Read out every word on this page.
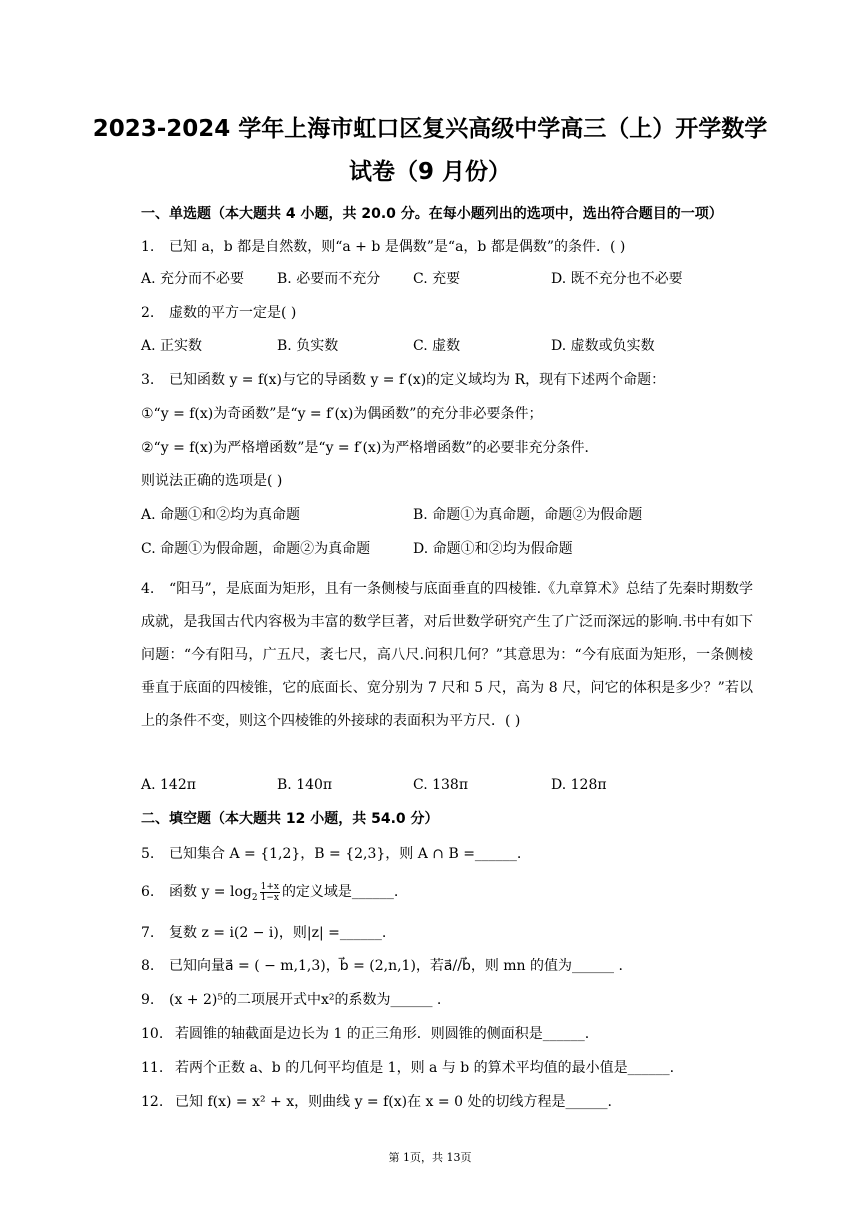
2023-2024 学年上海市虹口区复兴高级中学高三（上）开学数学
试卷（9 月份）
一、单选题（本大题共 4 小题，共 20.0 分。在每小题列出的选项中，选出符合题目的一项）
1. 已知 a，b 都是自然数，则“a + b 是偶数”是“a，b 都是偶数”的条件．( )
A. 充分而不必要 B. 必要而不充分 C. 充要	D. 既不充分也不必要
2. 虚数的平方一定是( )
A. 正实数	B. 负实数	C. 虚数	D. 虚数或负实数
3. 已知函数 y = f(x)与它的导函数 y = f′(x)的定义域均为 R，现有下述两个命题：
①“y = f(x)为奇函数”是“y = f′(x)为偶函数”的充分非必要条件；
②“y = f(x)为严格增函数”是“y = f′(x)为严格增函数”的必要非充分条件．
则说法正确的选项是( )
A. 命题①和②均为真命题	B. 命题①为真命题，命题②为假命题
C. 命题①为假命题，命题②为真命题	D. 命题①和②均为假命题
4. “阳马”，是底面为矩形，且有一条侧棱与底面垂直的四棱锥.《九章算术》总结了先秦时期数学成就，是我国古代内容极为丰富的数学巨著，对后世数学研究产生了广泛而深远的影响.书中有如下问题：“今有阳马，广五尺，袤七尺，高八尺.问积几何？”其意思为：“今有底面为矩形，一条侧棱垂直于底面的四棱锥，它的底面长、宽分别为 7 尺和 5 尺，高为 8 尺，问它的体积是多少？”若以上的条件不变，则这个四棱锥的外接球的表面积为平方尺．( )
A. 142π	B. 140π	C. 138π	D. 128π
二、填空题（本大题共 12 小题，共 54.0 分）
5. 已知集合 A = {1,2}，B = {2,3}，则 A ∩ B =______.
6. 函数 $y = \log_2 \frac{1+x}{1-x}$ 的定义域是______.
7. 复数 z = i(2 − i)，则|z| =______.
8. 已知向量a⃗ = ( − m,1,3)，b⃗ = (2,n,1)，若a⃗//b⃗，则 mn 的值为______ .
9. (x + 2)⁵的二项展开式中x²的系数为______ .
10. 若圆锥的轴截面是边长为 1 的正三角形．则圆锥的侧面积是______.
11. 若两个正数 a、b 的几何平均值是 1，则 a 与 b 的算术平均值的最小值是______.
12. 已知 f(x) = x² + x，则曲线 y = f(x)在 x = 0 处的切线方程是______.
第 1页，共 13页
